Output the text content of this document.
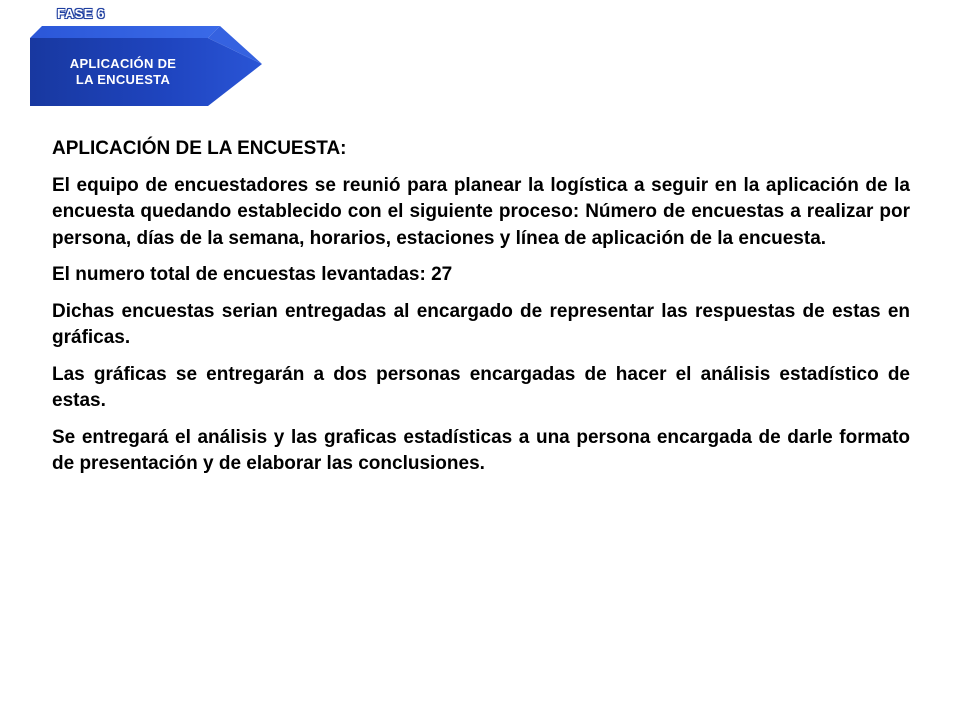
FASE 6
APLICACIÓN DE
LA ENCUESTA

APLICACIÓN DE LA ENCUESTA:

El equipo de encuestadores se reunió para planear la logística a seguir en la aplicación de la encuesta quedando establecido con el siguiente proceso: Número de encuestas a realizar por persona, días de la semana, horarios, estaciones y línea de aplicación de la encuesta.

El numero total de encuestas levantadas: 27

Dichas encuestas serian entregadas al encargado de representar las respuestas de estas en gráficas.

Las gráficas se entregarán a dos personas encargadas de hacer el análisis estadístico de estas.

Se entregará el análisis y las graficas estadísticas a una persona encargada de darle formato de presentación y de elaborar las conclusiones.
